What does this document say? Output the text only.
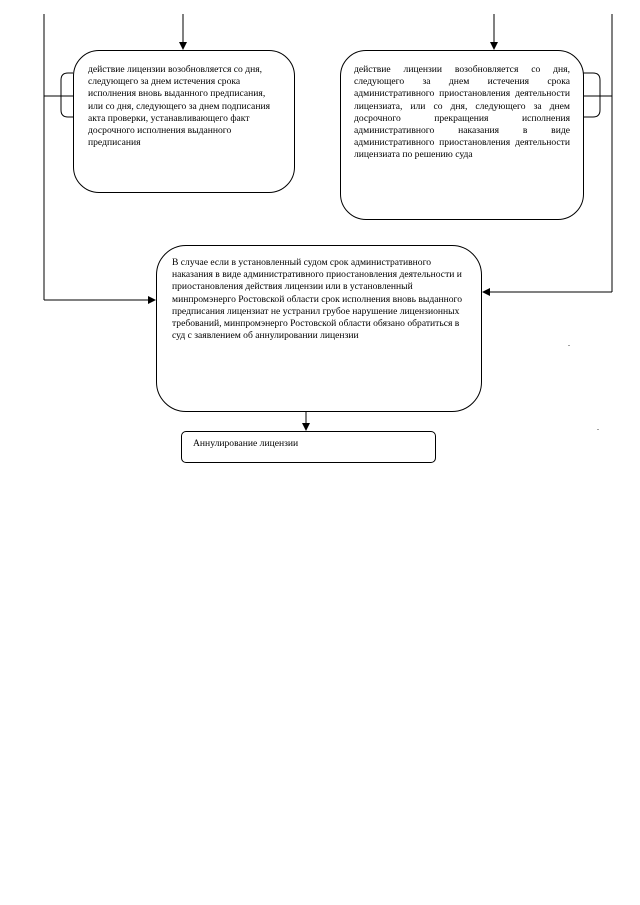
действие лицензии возобновляется со дня, следующего за днем истечения срока исполнения вновь выданного предписания, или со дня, следующего за днем подписания акта проверки, устанавливающего факт досрочного исполнения выданного предписания

действие лицензии возобновляется со дня, следующего за днем истечения срока административного приостановления деятельности лицензиата, или со дня, следующего за днем досрочного прекращения исполнения административного наказания в виде административного приостановления деятельности лицензиата по решению суда

В случае если в установленный судом срок административного наказания в виде административного приостановления деятельности и приостановления действия лицензии или в установленный минпромэнерго Ростовской области срок исполнения вновь выданного предписания лицензиат не устранил грубое нарушение лицензионных требований, минпромэнерго Ростовской области обязано обратиться в суд с заявлением об аннулировании лицензии

Аннулирование лицензии

.
.
